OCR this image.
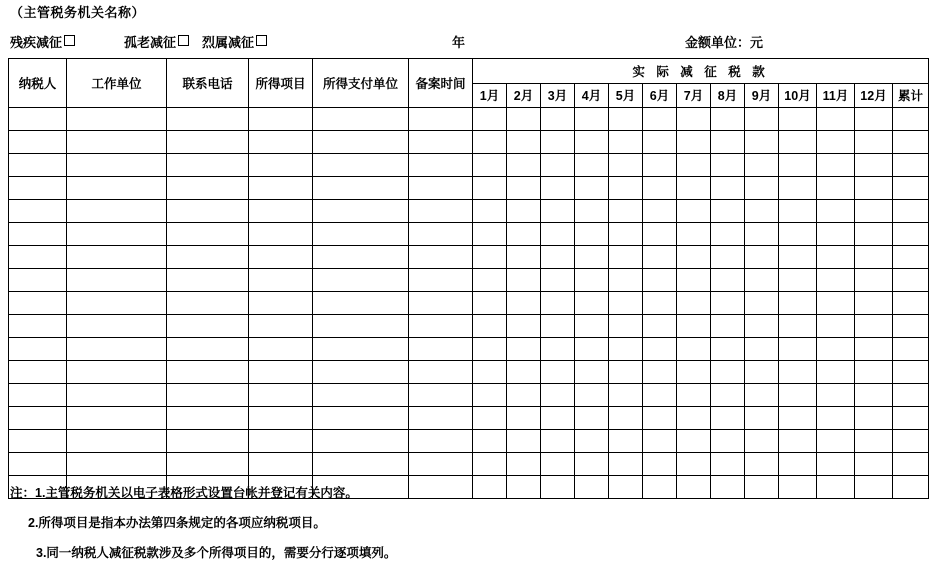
（主管税务机关名称）
残疾减征	孤老减征	烈属减征	年	金额单位：元
纳税人	工作单位	联系电话	所得项目	所得支付单位	备案时间	实 际 减 征 税 款												
						1月	2月	3月	4月	5月	6月	7月	8月	9月	10月	11月	12月	累计

注：1.主管税务机关以电子表格形式设置台帐并登记有关内容。

2.所得项目是指本办法第四条规定的各项应纳税项目。

3.同一纳税人减征税款涉及多个所得项目的，需要分行逐项填列。
